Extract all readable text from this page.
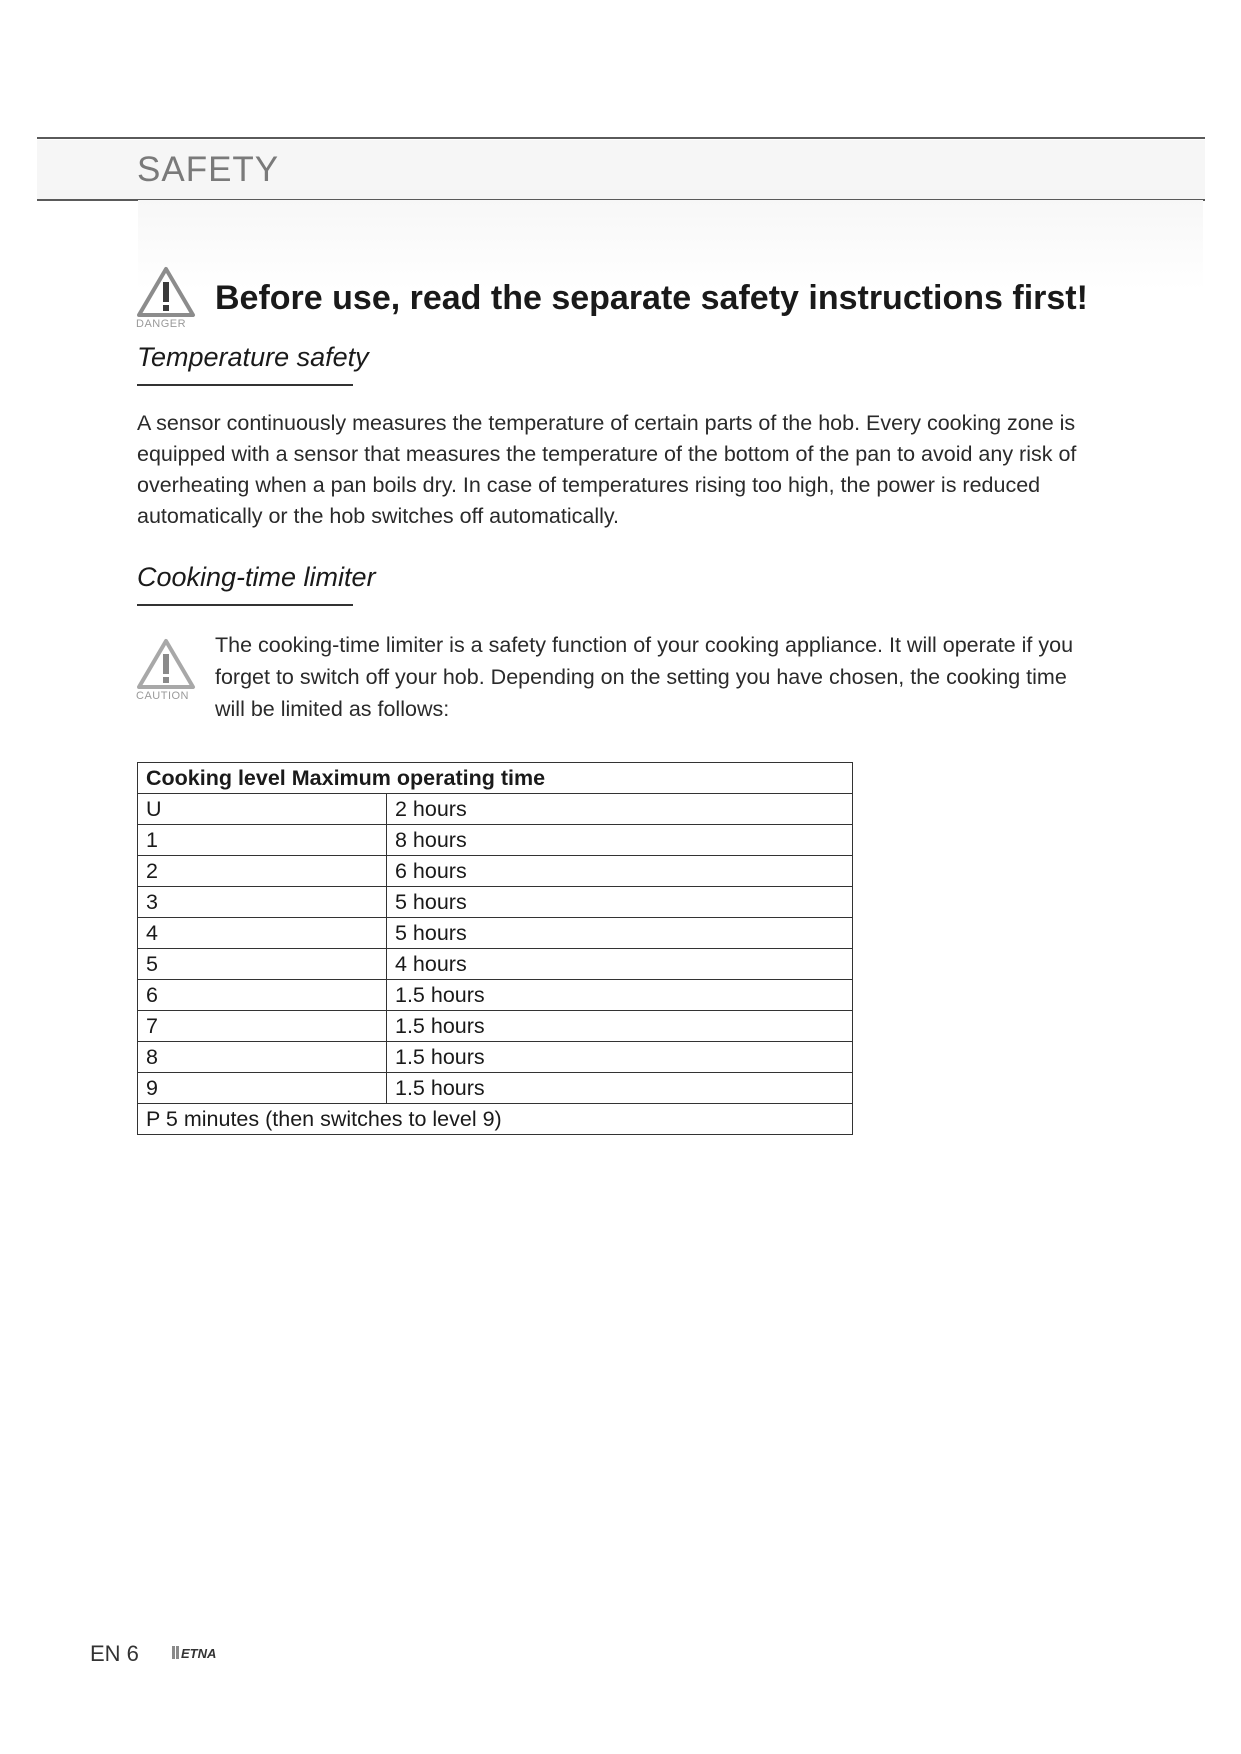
SAFETY
DANGER
Before use, read the separate safety instructions first!
Temperature safety

A sensor continuously measures the temperature of certain parts of the hob. Every cooking zone is equipped with a sensor that measures the temperature of the bottom of the pan to avoid any risk of overheating when a pan boils dry. In case of temperatures rising too high, the power is reduced automatically or the hob switches off automatically.

Cooking-time limiter
CAUTION

The cooking-time limiter is a safety function of your cooking appliance. It will operate if you forget to switch off your hob. Depending on the setting you have chosen, the cooking time will be limited as follows:

Cooking level Maximum operating time	
U	2 hours
1	8 hours
2	6 hours
3	5 hours
4	5 hours
5	4 hours
6	1.5 hours
7	1.5 hours
8	1.5 hours
9	1.5 hours
P 5 minutes (then switches to level 9)	
EN 6	ETNA
